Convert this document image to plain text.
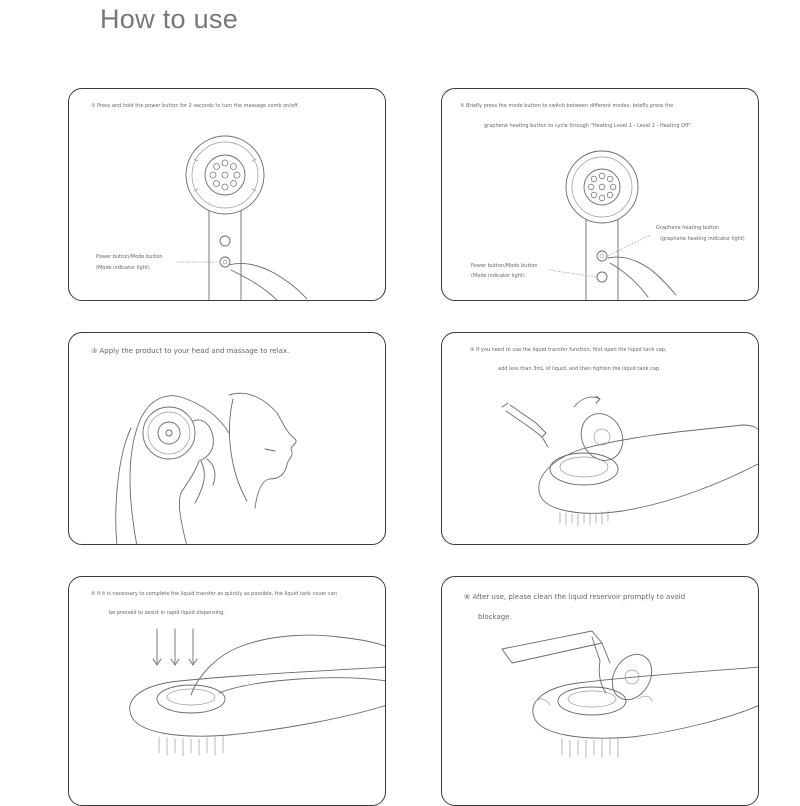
How to use
① Press and hold the power button for 2 seconds to turn the massage comb on/off.
Power button/Mode button
(Mode indicator light)
② Briefly press the mode button to switch between different modes; briefly press the
graphene heating button to cycle through "Heating Level 1 - Level 2 - Heating Off".
Graphene heating button
(graphene heating indicator light)
Power button/Mode button
(Mode indicator light)
③ Apply the product to your head and massage to relax.	④ If you need to use the liquid transfer function, first open the liquid tank cap,
add less than 3mL of liquid, and then tighten the liquid tank cap.
⑤ If it is necessary to complete the liquid transfer as quickly as possible, the liquid tank cover can
be pressed to assist in rapid liquid dispensing.
⑥ After use, please clean the liquid reservoir promptly to avoid
blockage.
